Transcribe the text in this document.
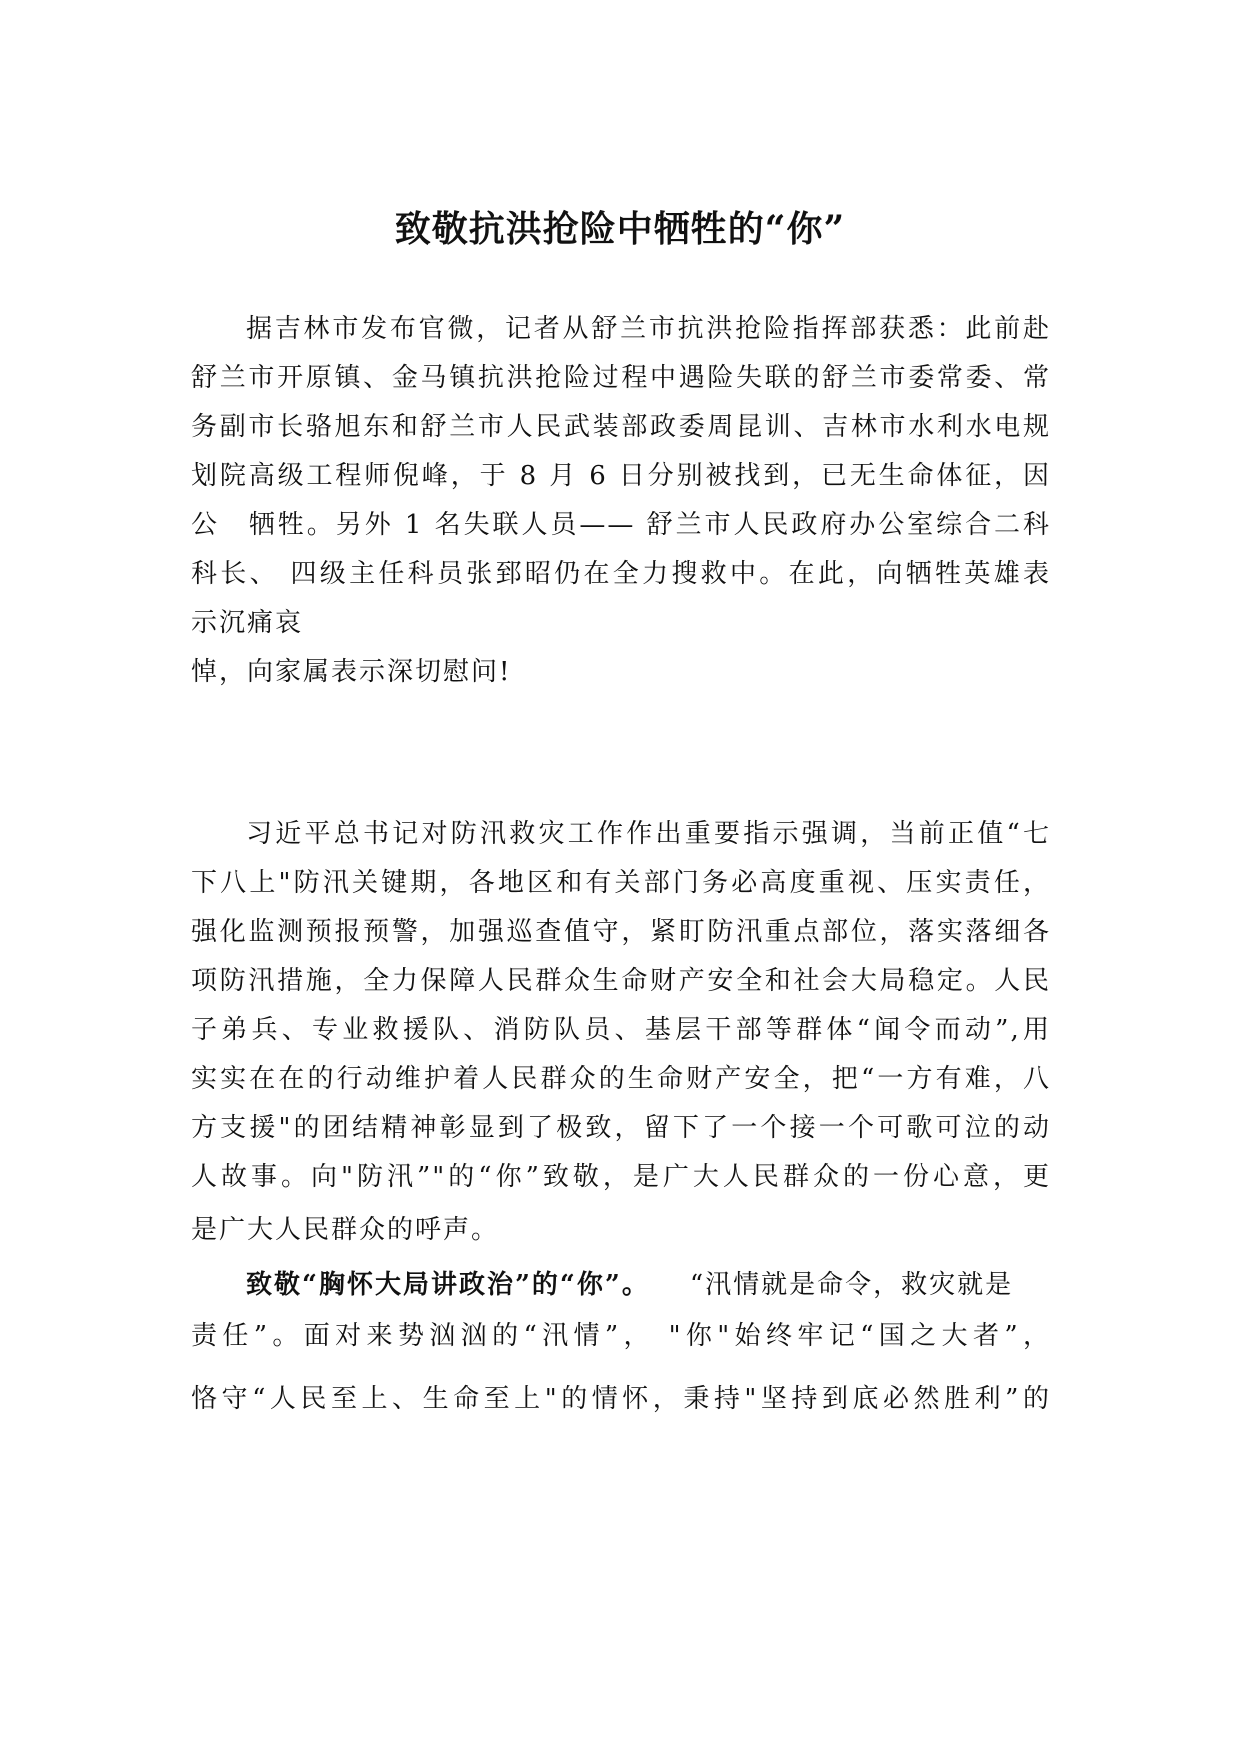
致敬抗洪抢险中牺牲的“你”
据吉林市发布官微，记者从舒兰市抗洪抢险指挥部获悉：此前赴
舒兰市开原镇、金马镇抗洪抢险过程中遇险失联的舒兰市委常委、常
务副市长骆旭东和舒兰市人民武装部政委周昆训、吉林市水利水电规
划院高级工程师倪峰，于 8 月 6 日分别被找到，已无生命体征，因
公　牺牲。另外 1 名失联人员—— 舒兰市人民政府办公室综合二科
科长、 四级主任科员张郅昭仍在全力搜救中。在此，向牺牲英雄表
示沉痛哀
悼，向家属表示深切慰问!
习近平总书记对防汛救灾工作作出重要指示强调，当前正值“七
下八上"防汛关键期，各地区和有关部门务必高度重视、压实责任，
强化监测预报预警，加强巡查值守，紧盯防汛重点部位，落实落细各
项防汛措施，全力保障人民群众生命财产安全和社会大局稳定。人民
子弟兵、专业救援队、消防队员、基层干部等群体“闻令而动”,用
实实在在的行动维护着人民群众的生命财产安全，把“一方有难，八
方支援"的团结精神彰显到了极致，留下了一个接一个可歌可泣的动
人故事。向"防汛”"的“你”致敬，是广大人民群众的一份心意，更
是广大人民群众的呼声。
致敬“胸怀大局讲政治”的“你”。 “汛情就是命令，救灾就是
责任”。面对来势汹汹的“汛情”， "你"始终牢记“国之大者”，
恪守“人民至上、生命至上"的情怀，秉持"坚持到底必然胜利”的
